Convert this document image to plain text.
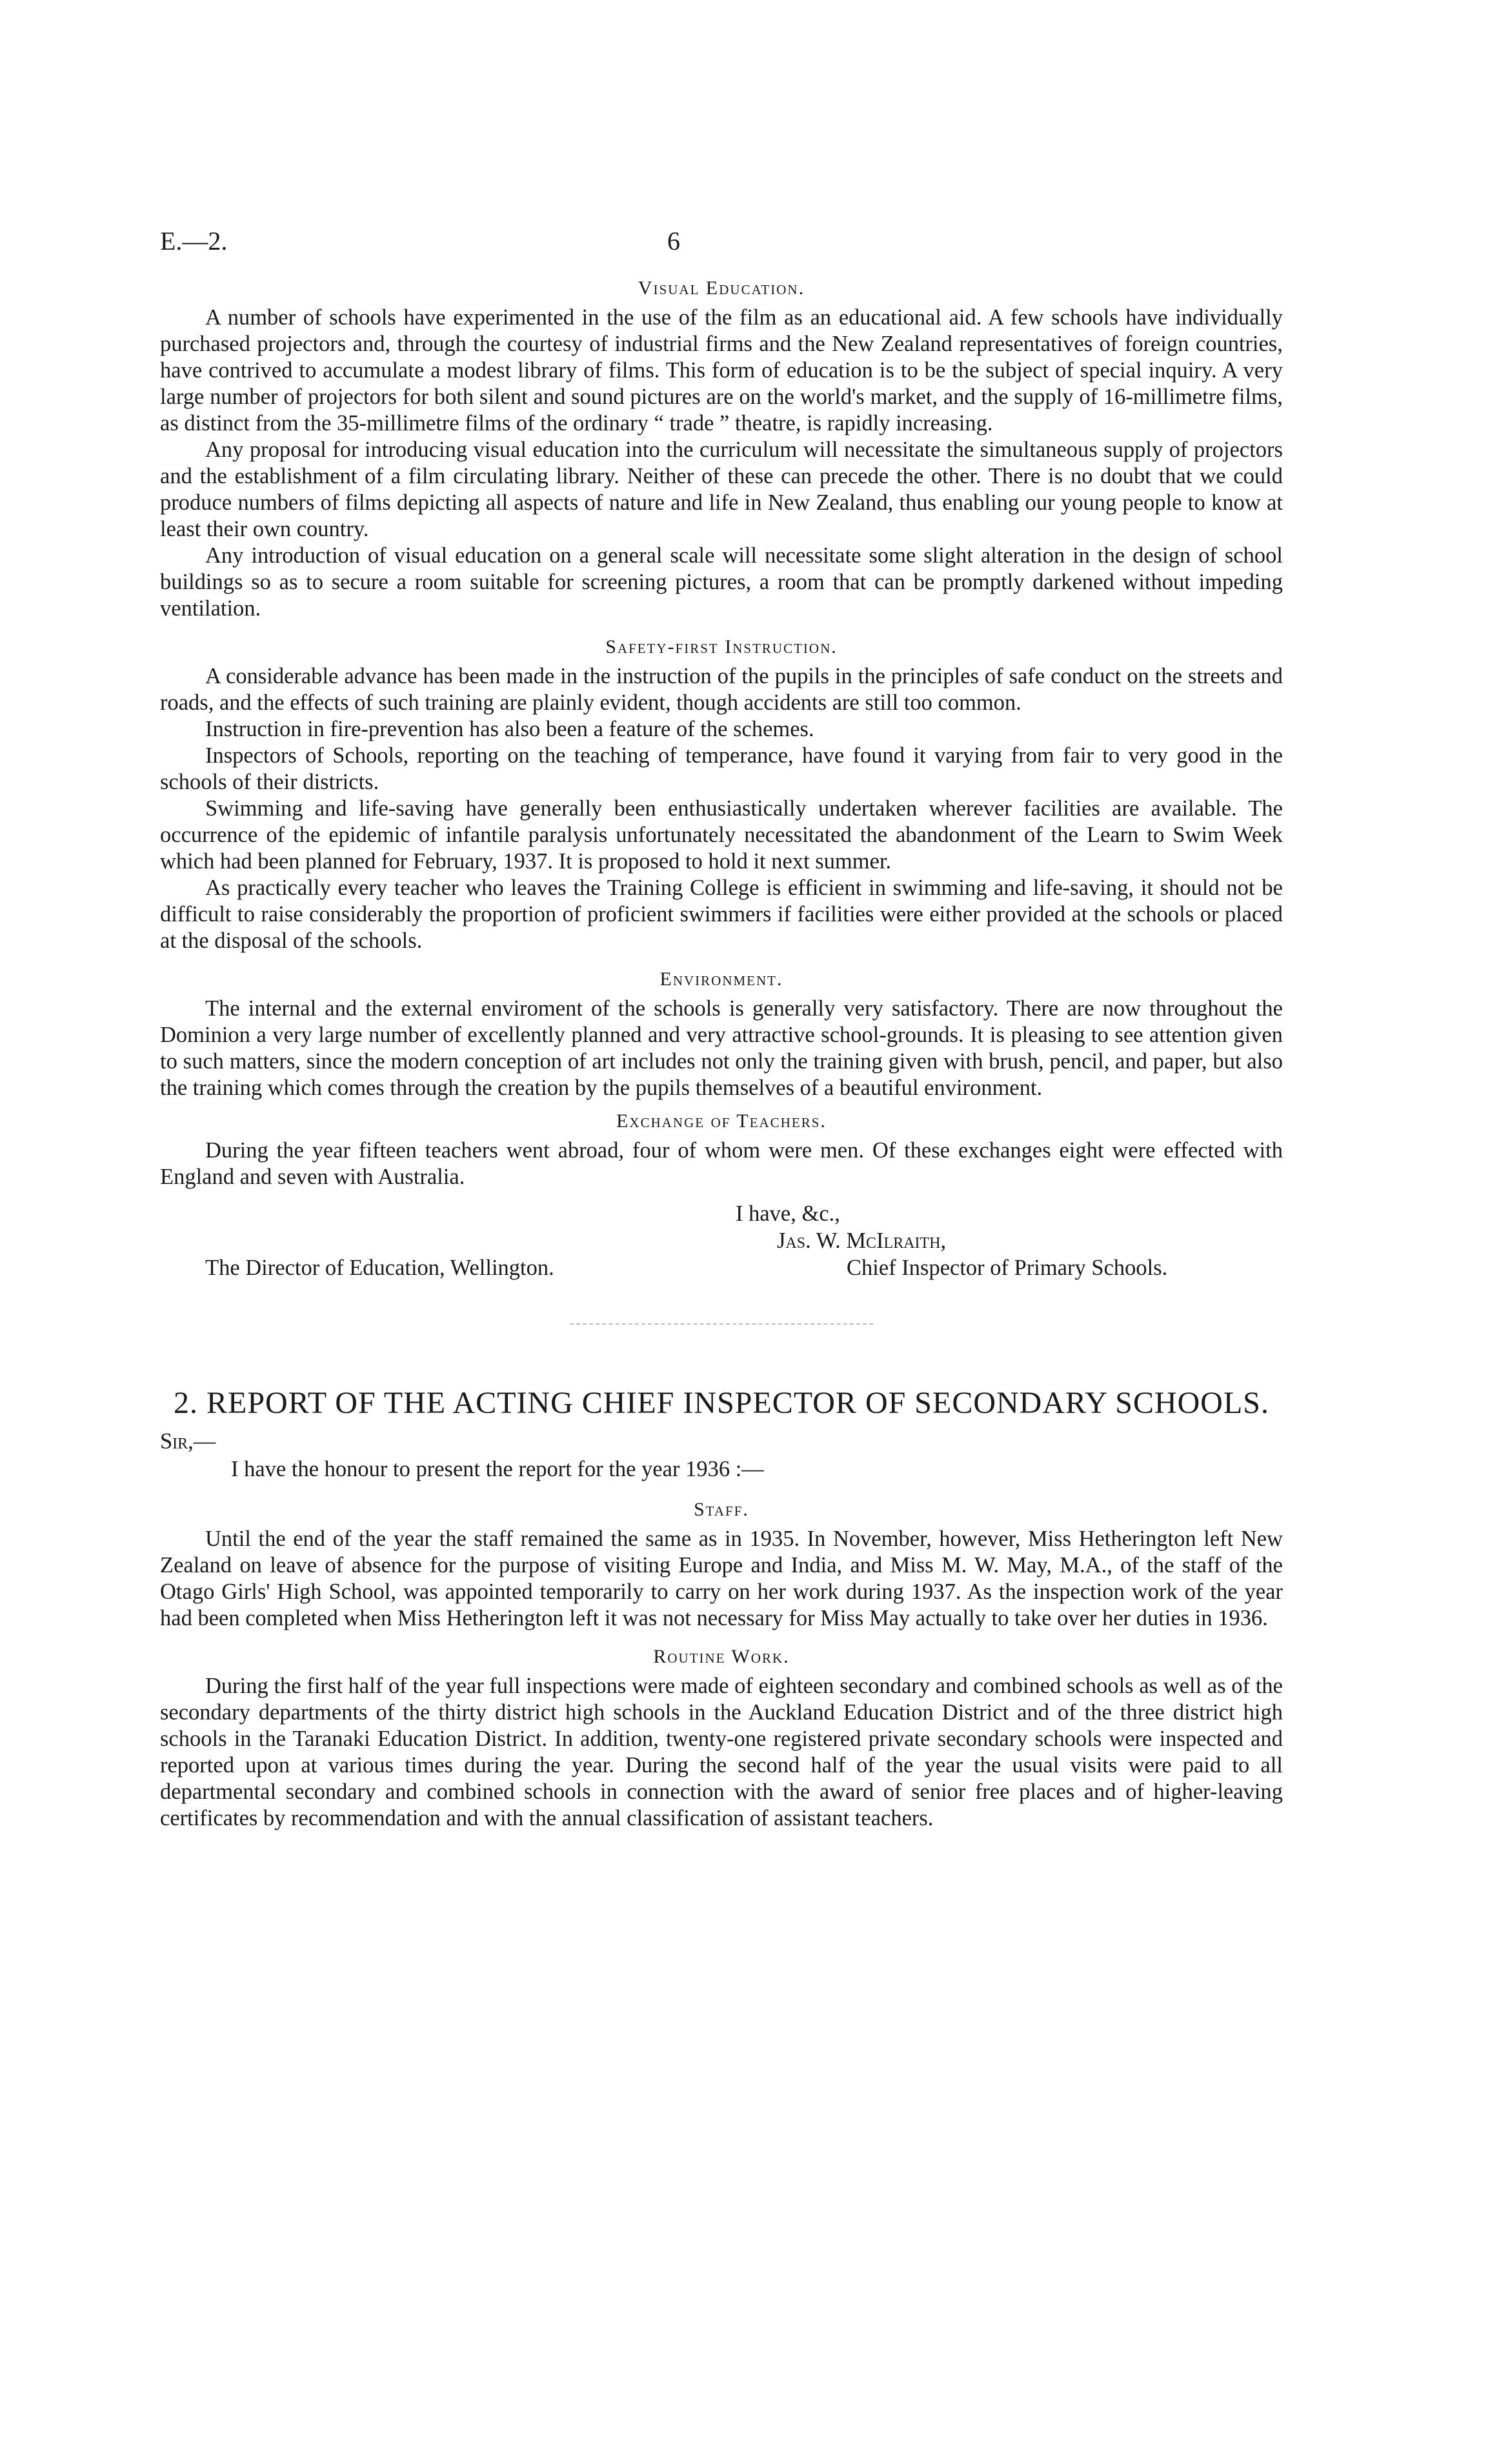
E.—2.	6
Visual Education.

A number of schools have experimented in the use of the film as an educational aid. A few schools have individually purchased projectors and, through the courtesy of industrial firms and the New Zealand representatives of foreign countries, have contrived to accumulate a modest library of films. This form of education is to be the subject of special inquiry. A very large number of projectors for both silent and sound pictures are on the world's market, and the supply of 16-millimetre films, as distinct from the 35-millimetre films of the ordinary “ trade ” theatre, is rapidly increasing.

Any proposal for introducing visual education into the curriculum will necessitate the simultaneous supply of projectors and the establishment of a film circulating library. Neither of these can precede the other. There is no doubt that we could produce numbers of films depicting all aspects of nature and life in New Zealand, thus enabling our young people to know at least their own country.

Any introduction of visual education on a general scale will necessitate some slight alteration in the design of school buildings so as to secure a room suitable for screening pictures, a room that can be promptly darkened without impeding ventilation.

Safety-first Instruction.

A considerable advance has been made in the instruction of the pupils in the principles of safe conduct on the streets and roads, and the effects of such training are plainly evident, though accidents are still too common.

Instruction in fire-prevention has also been a feature of the schemes.

Inspectors of Schools, reporting on the teaching of temperance, have found it varying from fair to very good in the schools of their districts.

Swimming and life-saving have generally been enthusiastically undertaken wherever facilities are available. The occurrence of the epidemic of infantile paralysis unfortunately necessitated the abandonment of the Learn to Swim Week which had been planned for February, 1937. It is proposed to hold it next summer.

As practically every teacher who leaves the Training College is efficient in swimming and life-saving, it should not be difficult to raise considerably the proportion of proficient swimmers if facilities were either provided at the schools or placed at the disposal of the schools.

Environment.

The internal and the external enviroment of the schools is generally very satisfactory. There are now throughout the Dominion a very large number of excellently planned and very attractive school-grounds. It is pleasing to see attention given to such matters, since the modern conception of art includes not only the training given with brush, pencil, and paper, but also the training which comes through the creation by the pupils themselves of a beautiful environment.

Exchange of Teachers.

During the year fifteen teachers went abroad, four of whom were men. Of these exchanges eight were effected with England and seven with Australia.

I have, &c.,
Jas. W. McIlraith,
The Director of Education, Wellington.	Chief Inspector of Primary Schools.
2. REPORT OF THE ACTING CHIEF INSPECTOR OF SECONDARY SCHOOLS.

Sir,—

I have the honour to present the report for the year 1936 :—

Staff.

Until the end of the year the staff remained the same as in 1935. In November, however, Miss Hetherington left New Zealand on leave of absence for the purpose of visiting Europe and India, and Miss M. W. May, M.A., of the staff of the Otago Girls' High School, was appointed temporarily to carry on her work during 1937. As the inspection work of the year had been completed when Miss Hetherington left it was not necessary for Miss May actually to take over her duties in 1936.

Routine Work.

During the first half of the year full inspections were made of eighteen secondary and combined schools as well as of the secondary departments of the thirty district high schools in the Auckland Education District and of the three district high schools in the Taranaki Education District. In addition, twenty-one registered private secondary schools were inspected and reported upon at various times during the year. During the second half of the year the usual visits were paid to all departmental secondary and combined schools in connection with the award of senior free places and of higher-leaving certificates by recommendation and with the annual classification of assistant teachers.
